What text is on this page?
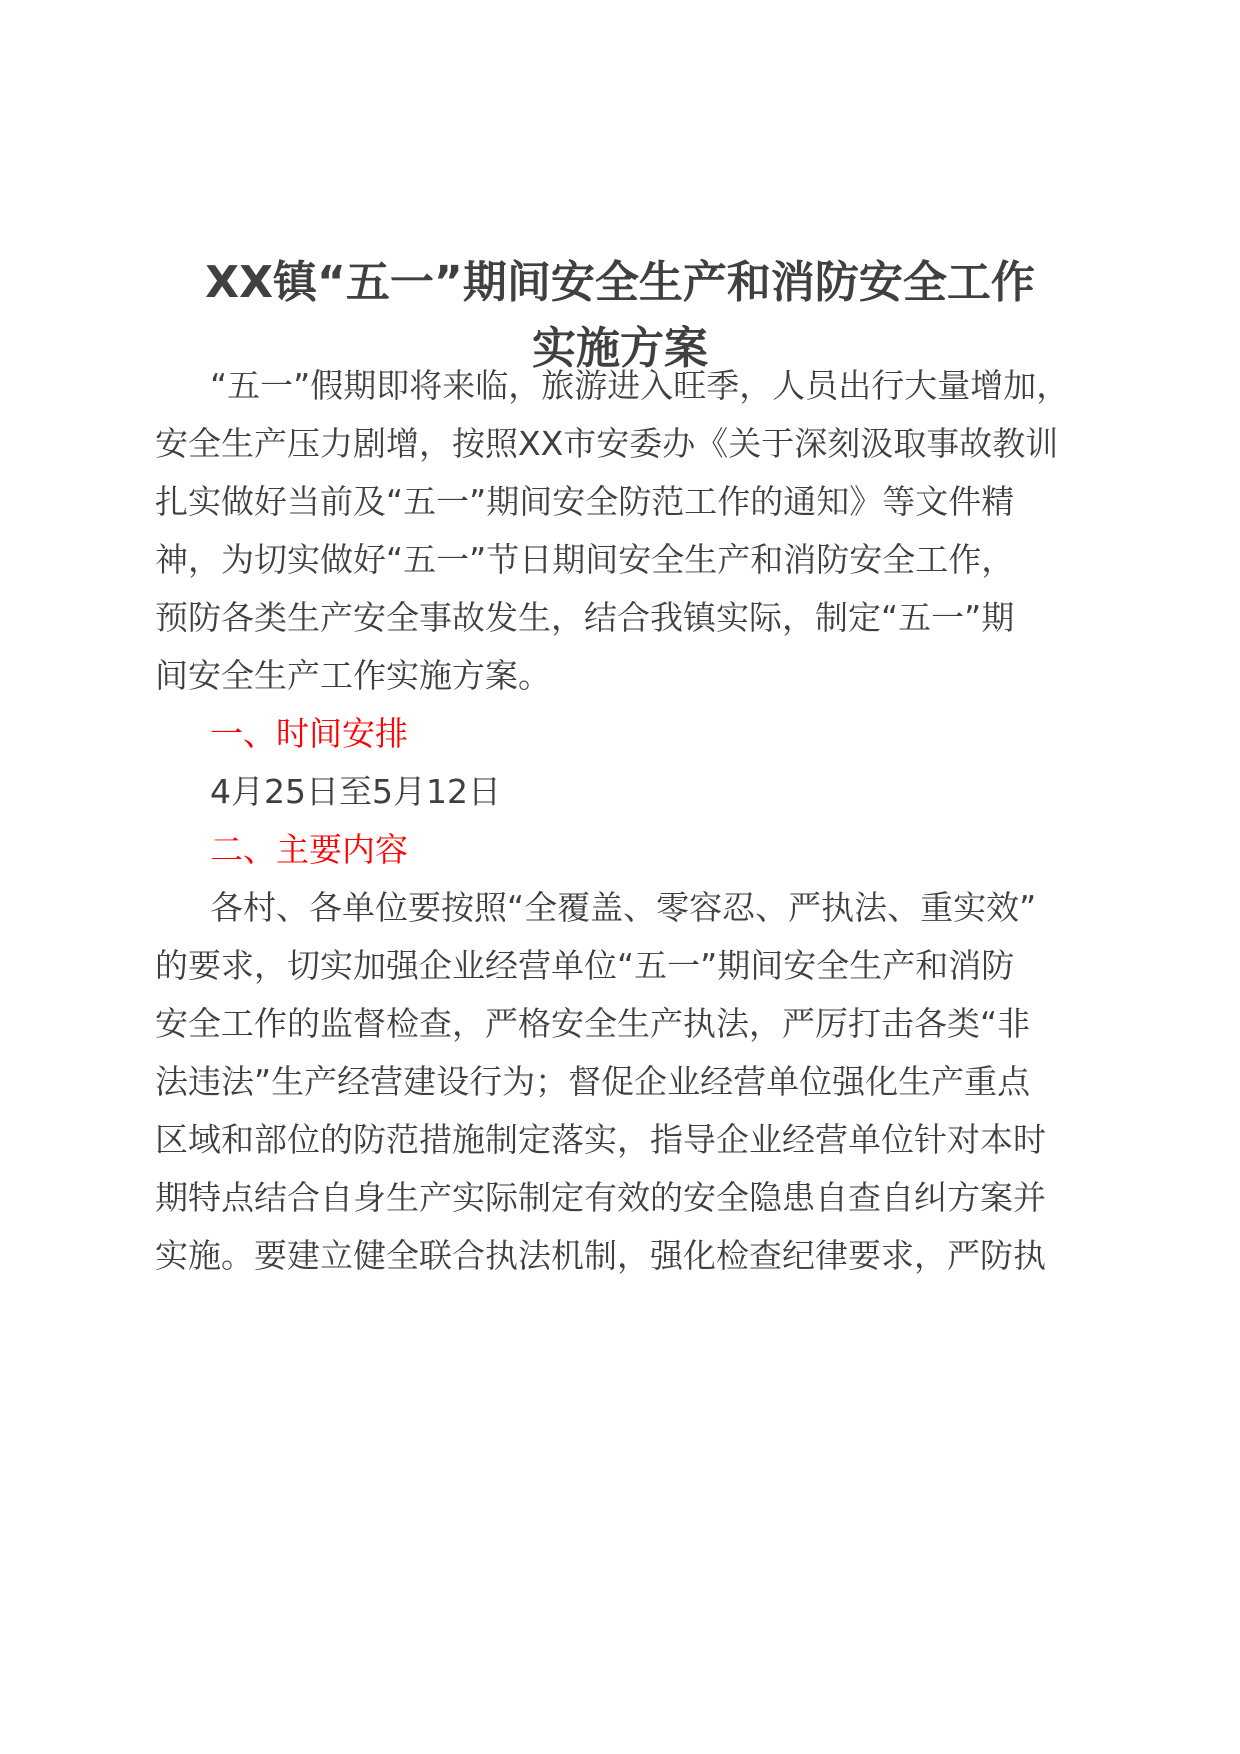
XX镇“五一”期间安全生产和消防安全工作
实施方案

“五一”假期即将来临，旅游进入旺季，人员出行大量增加，

安全生产压力剧增，按照XX市安委办《关于深刻汲取事故教训

扎实做好当前及“五一”期间安全防范工作的通知》等文件精

神，为切实做好“五一”节日期间安全生产和消防安全工作，

预防各类生产安全事故发生，结合我镇实际，制定“五一”期

间安全生产工作实施方案。

一、时间安排

4月25日至5月12日

二、主要内容

各村、各单位要按照“全覆盖、零容忍、严执法、重实效”

的要求，切实加强企业经营单位“五一”期间安全生产和消防

安全工作的监督检查，严格安全生产执法，严厉打击各类“非

法违法”生产经营建设行为；督促企业经营单位强化生产重点

区域和部位的防范措施制定落实，指导企业经营单位针对本时

期特点结合自身生产实际制定有效的安全隐患自查自纠方案并

实施。要建立健全联合执法机制，强化检查纪律要求，严防执
